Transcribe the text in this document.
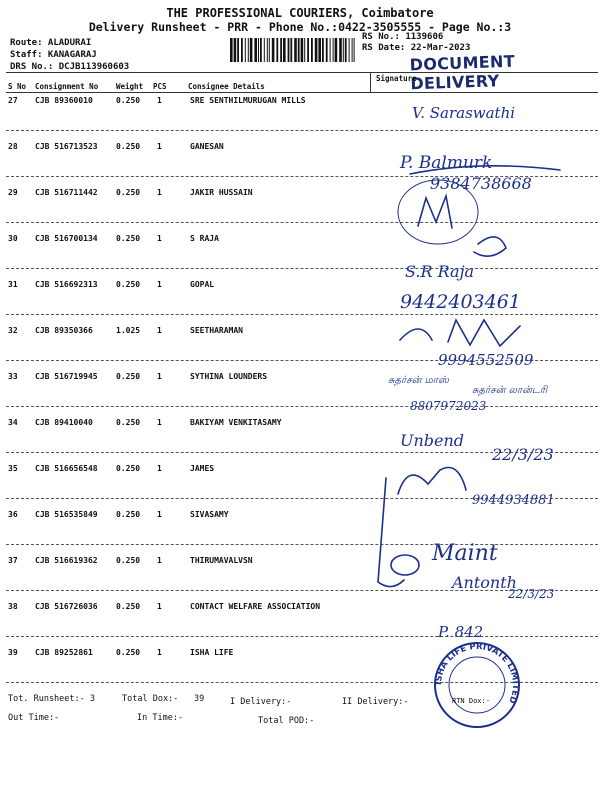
THE PROFESSIONAL COURIERS, Coimbatore
Delivery Runsheet - PRR - Phone No.:0422-3505555 - Page No.:3
Route: ALADURAI
Staff: KANAGARAJ
DRS No.: DCJB113960603
RS No.: 1139606
RS Date: 22-Mar-2023
DOCUMENT DELIVERY
S No Consignment No Weight PCS	Consignee Details
Signature
27 CJB 89360010	0.250 1	SRE SENTHILMURUGAN MILLS
28 CJB 516713523 0.250 1	GANESAN
29 CJB 516711442 0.250 1	JAKIR HUSSAIN
30 CJB 516700134 0.250 1	S RAJA
31 CJB 516692313 0.250 1	GOPAL
32 CJB 89350366	1.025 1	SEETHARAMAN
33 CJB 516719945 0.250 1	SYTHINA LOUNDERS
34 CJB 89410040	0.250 1	BAKIYAM VENKITASAMY
35 CJB 516656548 0.250 1	JAMES
36 CJB 516535849 0.250 1	SIVASAMY
37 CJB 516619362 0.250 1	THIRUMAVALVSN
38 CJB 516726036 0.250 1	CONTACT WELFARE ASSOCIATION
39 CJB 89252861	0.250 1	ISHA LIFE
Tot. Runsheet:- 3	Total Dox:- 39	I Delivery:-	II Delivery:-
Out Time:-	In Time:-	Total POD:-
V. Saraswathi
P. Balmurk
9384738668
S.R Raja
9442403461
9994552509
சுதர்சன் மாஸ்
சுதர்சன் லான்டரி
8807972023
Unbend
22/3/23
9944934881
Maint
Antonth
22/3/23
P. 842
ISHA LIFE PRIVATE LIMITED
RTN Dox:-
